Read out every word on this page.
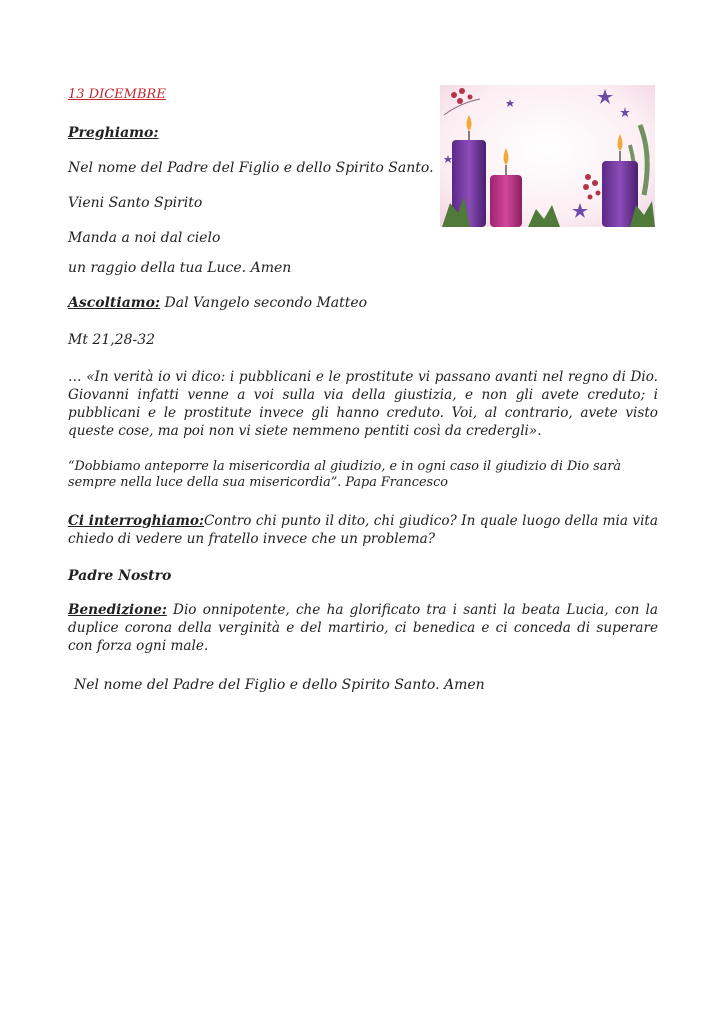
13 DICEMBRE
Preghiamo:
Nel nome del Padre del Figlio e dello Spirito Santo.
Vieni Santo Spirito
Manda a noi dal cielo
un raggio della tua Luce. Amen
Ascoltiamo: Dal Vangelo secondo Matteo
Mt 21,28-32
… «In verità io vi dico: i pubblicani e le prostitute vi passano avanti nel regno di Dio. Giovanni infatti venne a voi sulla via della giustizia, e non gli avete creduto; i pubblicani e le prostitute invece gli hanno creduto. Voi, al contrario, avete visto queste cose, ma poi non vi siete nemmeno pentiti così da credergli».
“Dobbiamo anteporre la misericordia al giudizio, e in ogni caso il giudizio di Dio sarà sempre nella luce della sua misericordia”. Papa Francesco
Ci interroghiamo:Contro chi punto il dito, chi giudico? In quale luogo della mia vita chiedo di vedere un fratello invece che un problema?
Padre Nostro
Benedizione: Dio onnipotente, che ha glorificato tra i santi la beata Lucia, con la duplice corona della verginità e del martirio, ci benedica e ci conceda di superare con forza ogni male.
Nel nome del Padre del Figlio e dello Spirito Santo. Amen
